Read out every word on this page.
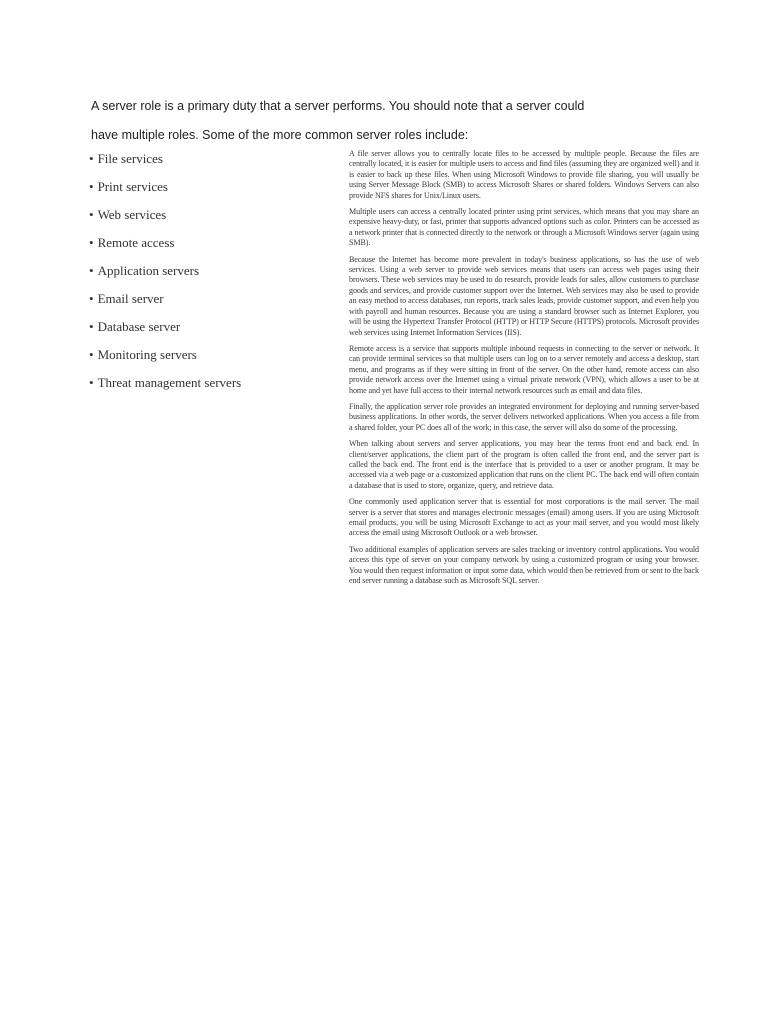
A server role is a primary duty that a server performs. You should note that a server could

have multiple roles. Some of the more common server roles include:

• File services
• Print services
• Web services
• Remote access
• Application servers
• Email server
• Database server
• Monitoring servers
• Threat management servers

A file server allows you to centrally locate files to be accessed by multiple people. Because the files are centrally located, it is easier for multiple users to access and find files (assuming they are organized well) and it is easier to back up these files. When using Microsoft Windows to provide file sharing, you will usually be using Server Message Block (SMB) to access Microsoft Shares or shared folders. Windows Servers can also provide NFS shares for Unix/Linux users.

Multiple users can access a centrally located printer using print services, which means that you may share an expensive heavy-duty, or fast, printer that supports advanced options such as color. Printers can be accessed as a network printer that is connected directly to the network or through a Microsoft Windows server (again using SMB).

Because the Internet has become more prevalent in today's business applications, so has the use of web services. Using a web server to provide web services means that users can access web pages using their browsers. These web services may be used to do research, provide leads for sales, allow customers to purchase goods and services, and provide customer support over the Internet. Web services may also be used to provide an easy method to access databases, run reports, track sales leads, provide customer support, and even help you with payroll and human resources. Because you are using a standard browser such as Internet Explorer, you will be using the Hypertext Transfer Protocol (HTTP) or HTTP Secure (HTTPS) protocols. Microsoft provides web services using Internet Information Services (IIS).

Remote access is a service that supports multiple inbound requests in connecting to the server or network. It can provide terminal services so that multiple users can log on to a server remotely and access a desktop, start menu, and programs as if they were sitting in front of the server. On the other hand, remote access can also provide network access over the Internet using a virtual private network (VPN), which allows a user to be at home and yet have full access to their internal network resources such as email and data files.

Finally, the application server role provides an integrated environment for deploying and running server-based business applications. In other words, the server delivers networked applications. When you access a file from a shared folder, your PC does all of the work; in this case, the server will also do some of the processing.

When talking about servers and server applications, you may hear the terms front end and back end. In client/server applications, the client part of the program is often called the front end, and the server part is called the back end. The front end is the interface that is provided to a user or another program. It may be accessed via a web page or a customized application that runs on the client PC. The back end will often contain a database that is used to store, organize, query, and retrieve data.

One commonly used application server that is essential for most corporations is the mail server. The mail server is a server that stores and manages electronic messages (email) among users. If you are using Microsoft email products, you will be using Microsoft Exchange to act as your mail server, and you would most likely access the email using Microsoft Outlook or a web browser.

Two additional examples of application servers are sales tracking or inventory control applications. You would access this type of server on your company network by using a customized program or using your browser. You would then request information or input some data, which would then be retrieved from or sent to the back end server running a database such as Microsoft SQL server.
